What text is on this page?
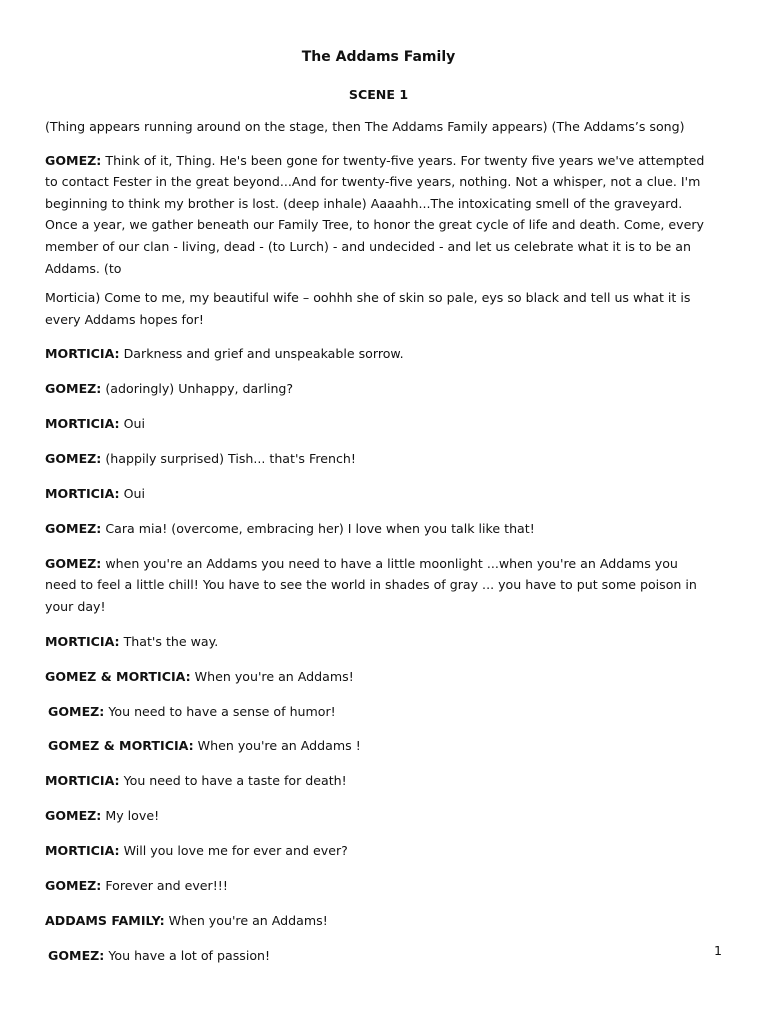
The Addams Family
SCENE 1
(Thing appears running around on the stage, then The Addams Family appears) (The Addams’s song)
GOMEZ: Think of it, Thing. He's been gone for twenty-five years. For twenty five years we've attempted to contact Fester in the great beyond...And for twenty-five years, nothing. Not a whisper, not a clue. I'm beginning to think my brother is lost. (deep inhale) Aaaahh...The intoxicating smell of the graveyard. Once a year, we gather beneath our Family Tree, to honor the great cycle of life and death. Come, every member of our clan - living, dead - (to Lurch) - and undecided - and let us celebrate what it is to be an Addams. (to
Morticia) Come to me, my beautiful wife – oohhh she of skin so pale, eys so black and tell us what it is every Addams hopes for!
MORTICIA: Darkness and grief and unspeakable sorrow.
GOMEZ: (adoringly) Unhappy, darling?
MORTICIA: Oui
GOMEZ: (happily surprised) Tish... that's French!
MORTICIA: Oui
GOMEZ: Cara mia! (overcome, embracing her) I love when you talk like that!
GOMEZ: when you're an Addams you need to have a little moonlight ...when you're an Addams you need to feel a little chill! You have to see the world in shades of gray ... you have to put some poison in your day!
MORTICIA: That's the way.
GOMEZ & MORTICIA: When you're an Addams!
GOMEZ: You need to have a sense of humor!
GOMEZ & MORTICIA: When you're an Addams !
MORTICIA: You need to have a taste for death!
GOMEZ: My love!
MORTICIA: Will you love me for ever and ever?
GOMEZ: Forever and ever!!!
ADDAMS FAMILY: When you're an Addams!
GOMEZ: You have a lot of passion!	1
